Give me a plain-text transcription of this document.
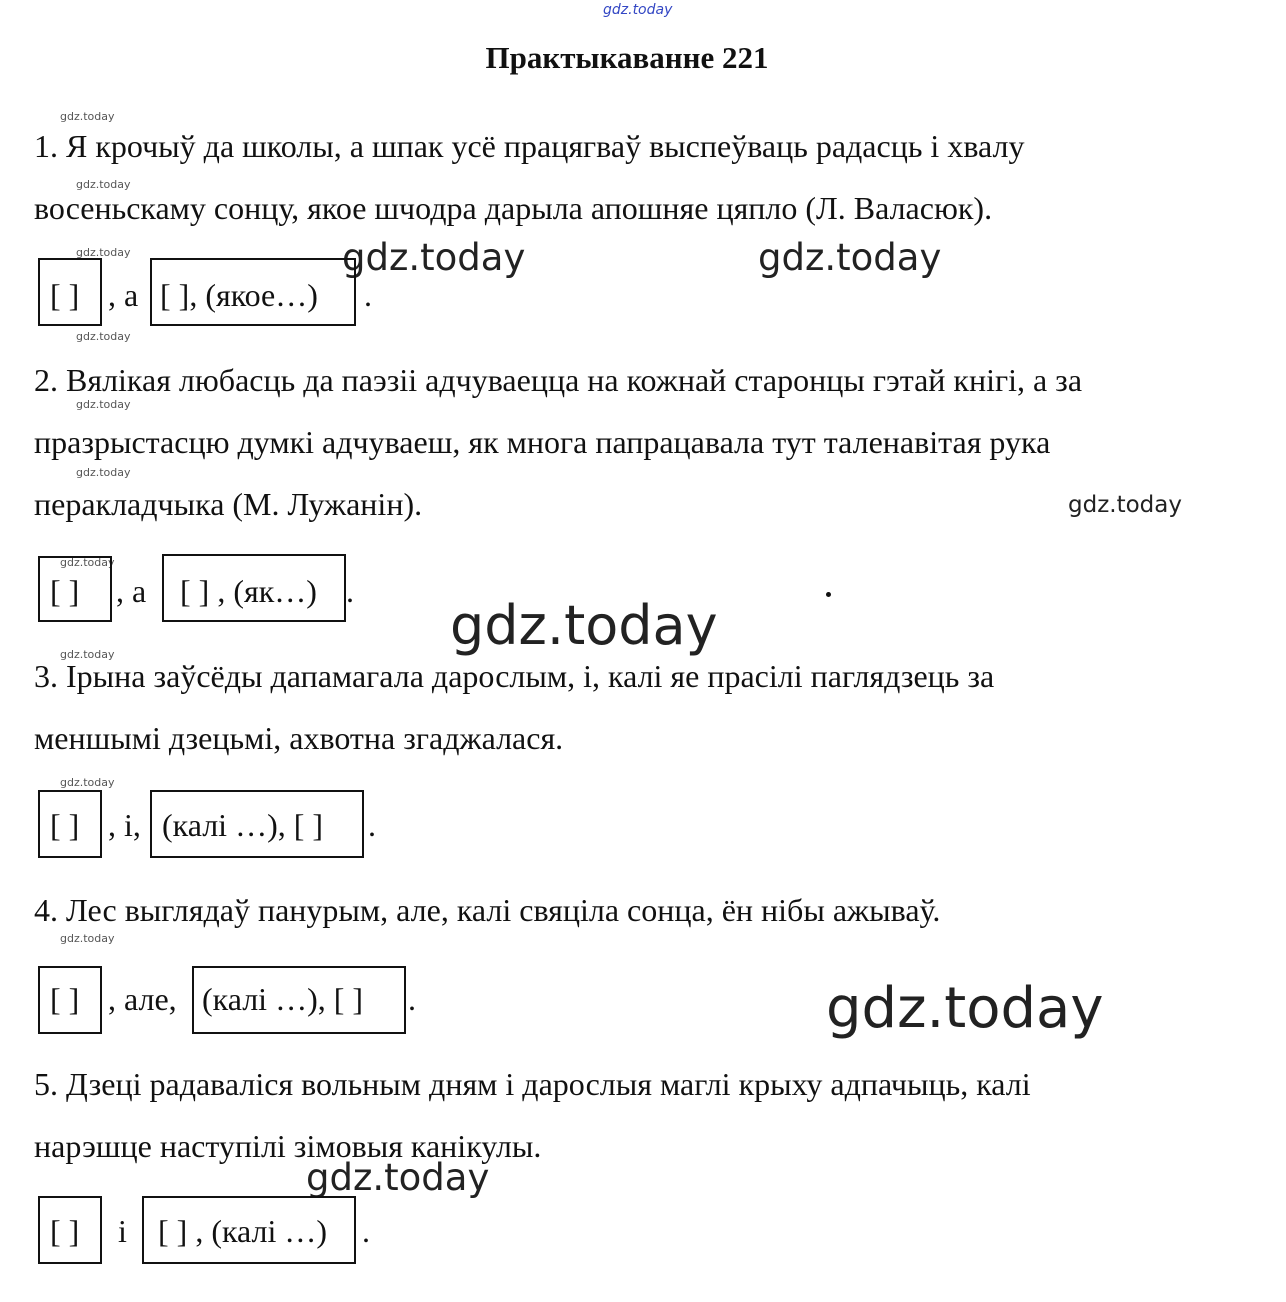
gdz.today
Практыкаванне 221
gdz.today
gdz.today
gdz.today
gdz.today
gdz.today
gdz.today
gdz.today
gdz.today
gdz.today
gdz.today
gdz.today	gdz.today
gdz.today
gdz.today
gdz.today
gdz.today
1. Я крочыў да школы, а шпак усё працягваў выспеўваць радасць і хвалу
восеньскаму сонцу, якое шчодра дарыла апошняе цяпло (Л. Валасюк).
[ ] , а [ ], (якое…) .
2. Вялікая любасць да паэзіі адчуваецца на кожнай старонцы гэтай кнігі, а за
празрыстасцю думкі адчуваеш, як многа папрацавала тут таленавітая рука
перакладчыка (М. Лужанін).
[ ] , а [ ] , (як…) .
3. Ірына заўсёды дапамагала дарослым, і, калі яе прасілі паглядзець за
меншымі дзецьмі, ахвотна згаджалася.
[ ] , і, (калі …), [ ] .
4. Лес выглядаў панурым, але, калі свяціла сонца, ён нібы ажываў.
[ ] , але, (калі …), [ ] .
5. Дзеці радаваліся вольным дням і дарослыя маглі крыху адпачыць, калі
нарэшце наступілі зімовыя канікулы.
[ ] і [ ] , (калі …) .
